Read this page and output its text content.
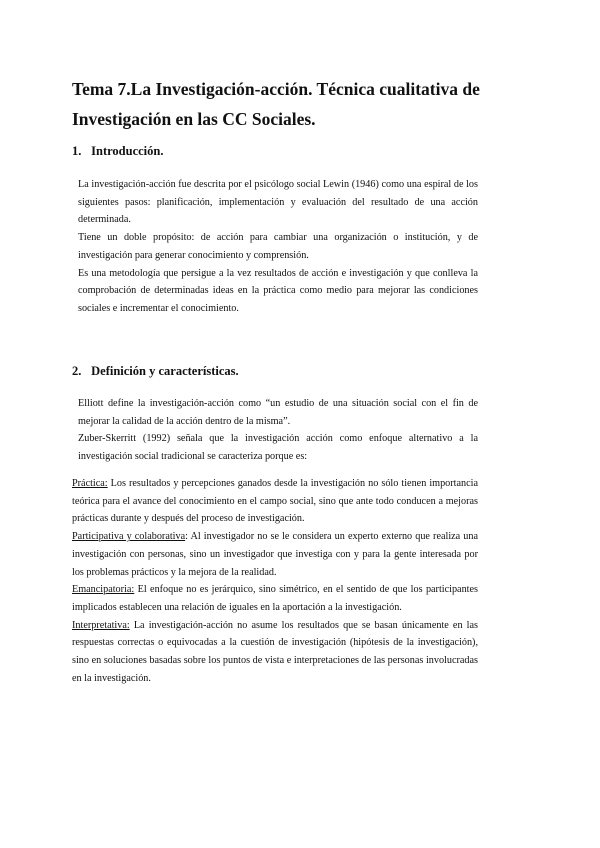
Tema 7.La Investigación-acción. Técnica cualitativa de Investigación en las CC Sociales.
1. Introducción.

La investigación-acción fue descrita por el psicólogo social Lewin (1946) como una espiral de los siguientes pasos: planificación, implementación y evaluación del resultado de una acción determinada.

Tiene un doble propósito: de acción para cambiar una organización o institución, y de investigación para generar conocimiento y comprensión.

Es una metodología que persigue a la vez resultados de acción e investigación y que conlleva la comprobación de determinadas ideas en la práctica como medio para mejorar las condiciones sociales e incrementar el conocimiento.

2. Definición y características.

Elliott define la investigación-acción como “un estudio de una situación social con el fin de mejorar la calidad de la acción dentro de la misma”.

Zuber-Skerritt (1992) señala que la investigación acción como enfoque alternativo a la investigación social tradicional se caracteriza porque es:

Práctica: Los resultados y percepciones ganados desde la investigación no sólo tienen importancia teórica para el avance del conocimiento en el campo social, sino que ante todo conducen a mejoras prácticas durante y después del proceso de investigación.

Participativa y colaborativa: Al investigador no se le considera un experto externo que realiza una investigación con personas, sino un investigador que investiga con y para la gente interesada por los problemas prácticos y la mejora de la realidad.

Emancipatoria: El enfoque no es jerárquico, sino simétrico, en el sentido de que los participantes implicados establecen una relación de iguales en la aportación a la investigación.

Interpretativa: La investigación-acción no asume los resultados que se basan únicamente en las respuestas correctas o equivocadas a la cuestión de investigación (hipótesis de la investigación), sino en soluciones basadas sobre los puntos de vista e interpretaciones de las personas involucradas en la investigación.
